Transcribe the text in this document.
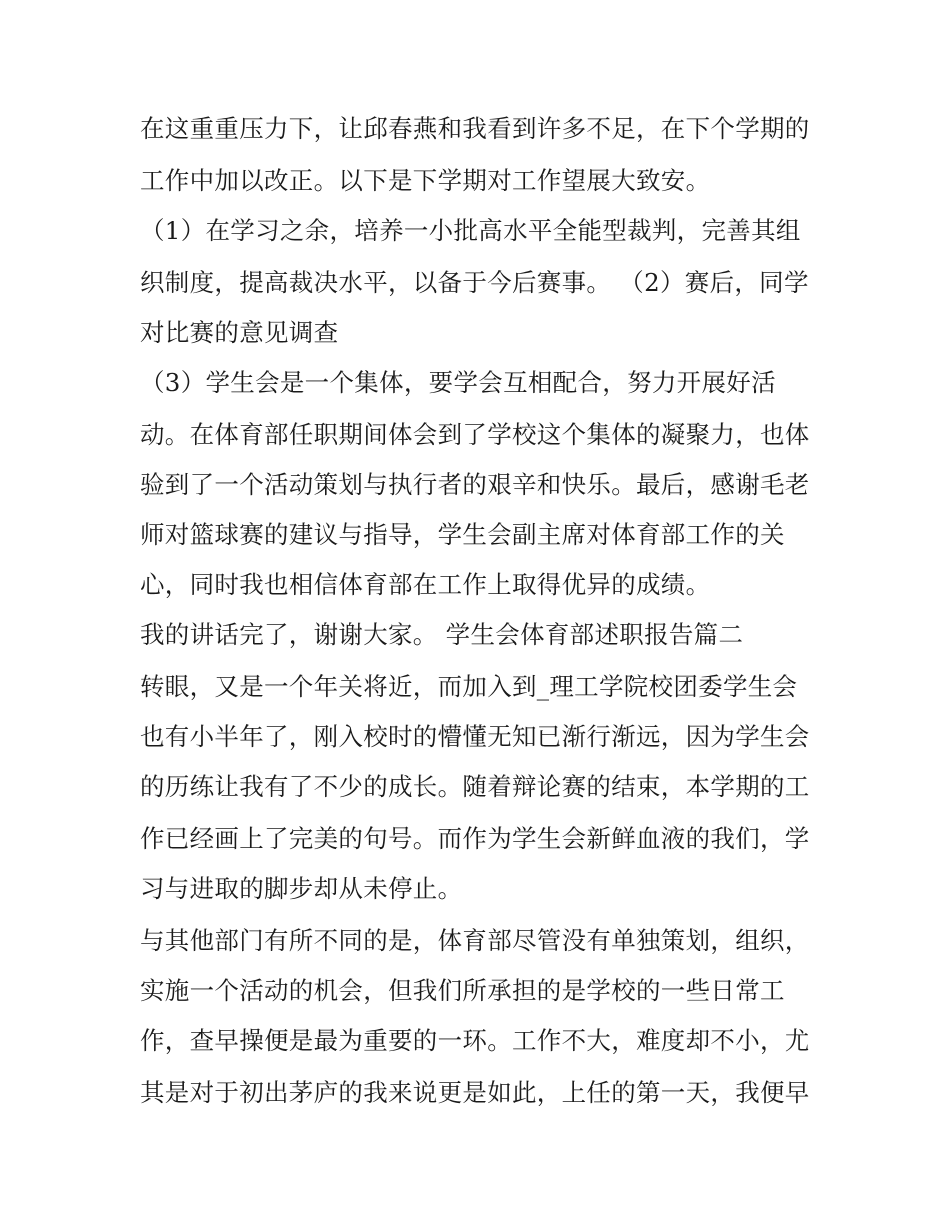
在这重重压力下，让邱春燕和我看到许多不足，在下个学期的
工作中加以改正。以下是下学期对工作望展大致安。
（1）在学习之余，培养一小批高水平全能型裁判，完善其组
织制度，提高裁决水平，以备于今后赛事。 （2）赛后，同学
对比赛的意见调查
（3）学生会是一个集体，要学会互相配合，努力开展好活
动。在体育部任职期间体会到了学校这个集体的凝聚力，也体
验到了一个活动策划与执行者的艰辛和快乐。最后，感谢毛老
师对篮球赛的建议与指导，学生会副主席对体育部工作的关
心，同时我也相信体育部在工作上取得优异的成绩。
我的讲话完了，谢谢大家。 学生会体育部述职报告篇二
转眼，又是一个年关将近，而加入到_理工学院校团委学生会
也有小半年了，刚入校时的懵懂无知已渐行渐远，因为学生会
的历练让我有了不少的成长。随着辩论赛的结束，本学期的工
作已经画上了完美的句号。而作为学生会新鲜血液的我们，学
习与进取的脚步却从未停止。
与其他部门有所不同的是，体育部尽管没有单独策划，组织，
实施一个活动的机会，但我们所承担的是学校的一些日常工
作，查早操便是最为重要的一环。工作不大，难度却不小，尤
其是对于初出茅庐的我来说更是如此，上任的第一天，我便早
